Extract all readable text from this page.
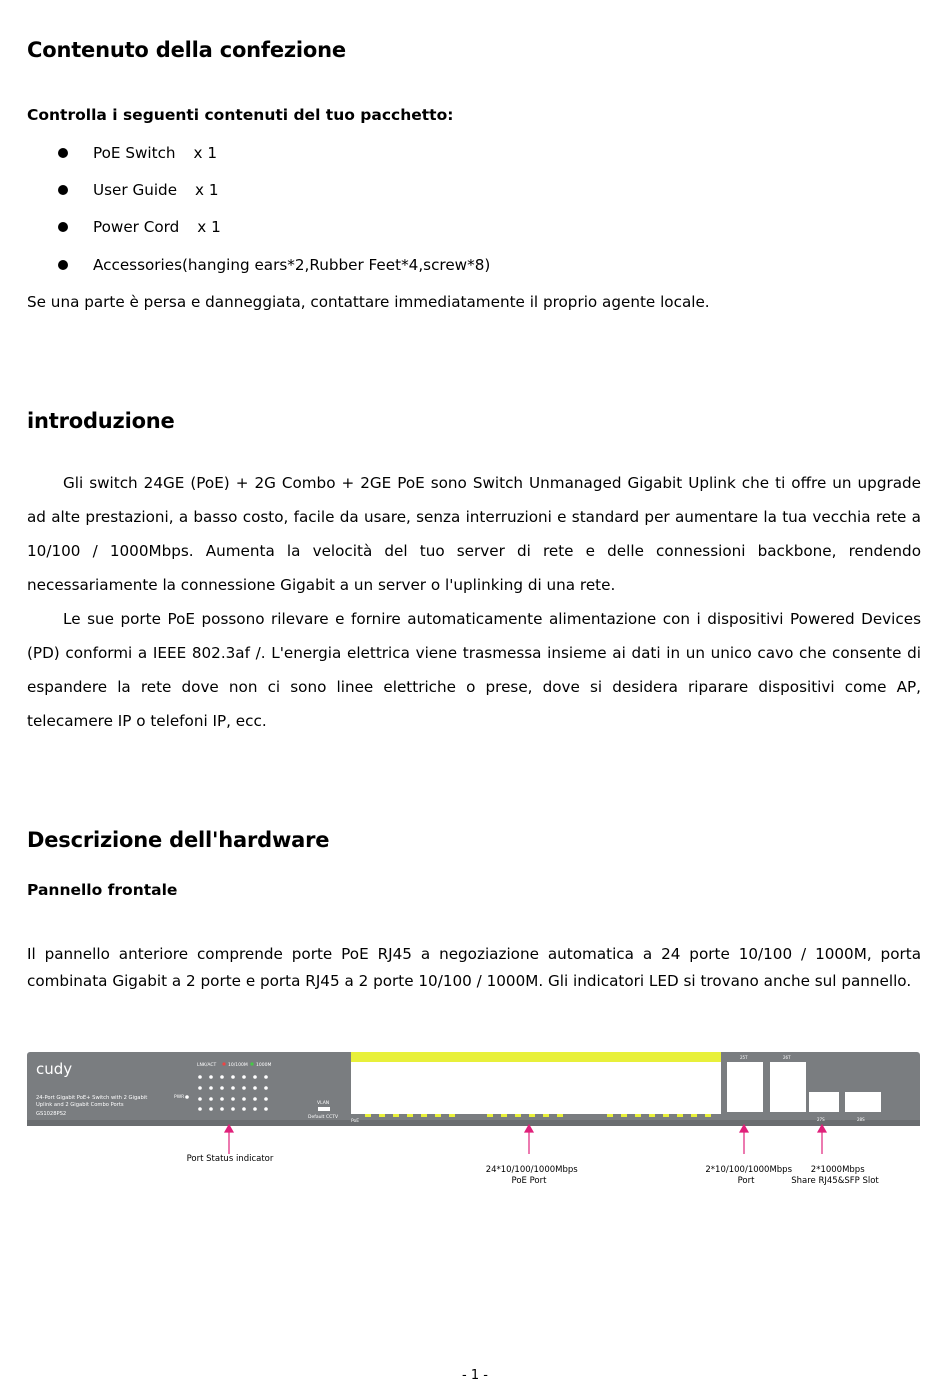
Contenuto della confezione
Controlla i seguenti contenuti del tuo pacchetto:
PoE Switch x 1
User Guide x 1
Power Cord x 1
Accessories(hanging ears*2,Rubber Feet*4,screw*8)

Se una parte è persa e danneggiata, contattare immediatamente il proprio agente locale.

introduzione

Gli switch 24GE (PoE) + 2G Combo + 2GE PoE sono Switch Unmanaged Gigabit Uplink che ti offre un upgrade ad alte prestazioni, a basso costo, facile da usare, senza interruzioni e standard per aumentare la tua vecchia rete a 10/100 / 1000Mbps. Aumenta la velocità del tuo server di rete e delle connessioni backbone, rendendo necessariamente la connessione Gigabit a un server o l'uplinking di una rete.

Le sue porte PoE possono rilevare e fornire automaticamente alimentazione con i dispositivi Powered Devices (PD) conformi a IEEE 802.3af /. L'energia elettrica viene trasmessa insieme ai dati in un unico cavo che consente di espandere la rete dove non ci sono linee elettriche o prese, dove si desidera riparare dispositivi come AP, telecamere IP o telefoni IP, ecc.

Descrizione dell'hardware
Pannello frontale

Il pannello anteriore comprende porte PoE RJ45 a negoziazione automatica a 24 porte 10/100 / 1000M, porta combinata Gigabit a 2 porte e porta RJ45 a 2 porte 10/100 / 1000M. Gli indicatori LED si trovano anche sul pannello.

cudy
24-Port Gigabit PoE+ Switch with 2 Gigabit
Uplink and 2 Gigabit Combo Ports
GS1028PS2
LNK/ACT	10/100M 1000M
PWR
VLAN
Default CCTV
PoE
25T	26T
27S	28S
Port Status indicator

24*10/100/1000Mbps
PoE Port

2*10/100/1000Mbps
Port

2*1000Mbps
Share RJ45&SFP Slot

- 1 -
